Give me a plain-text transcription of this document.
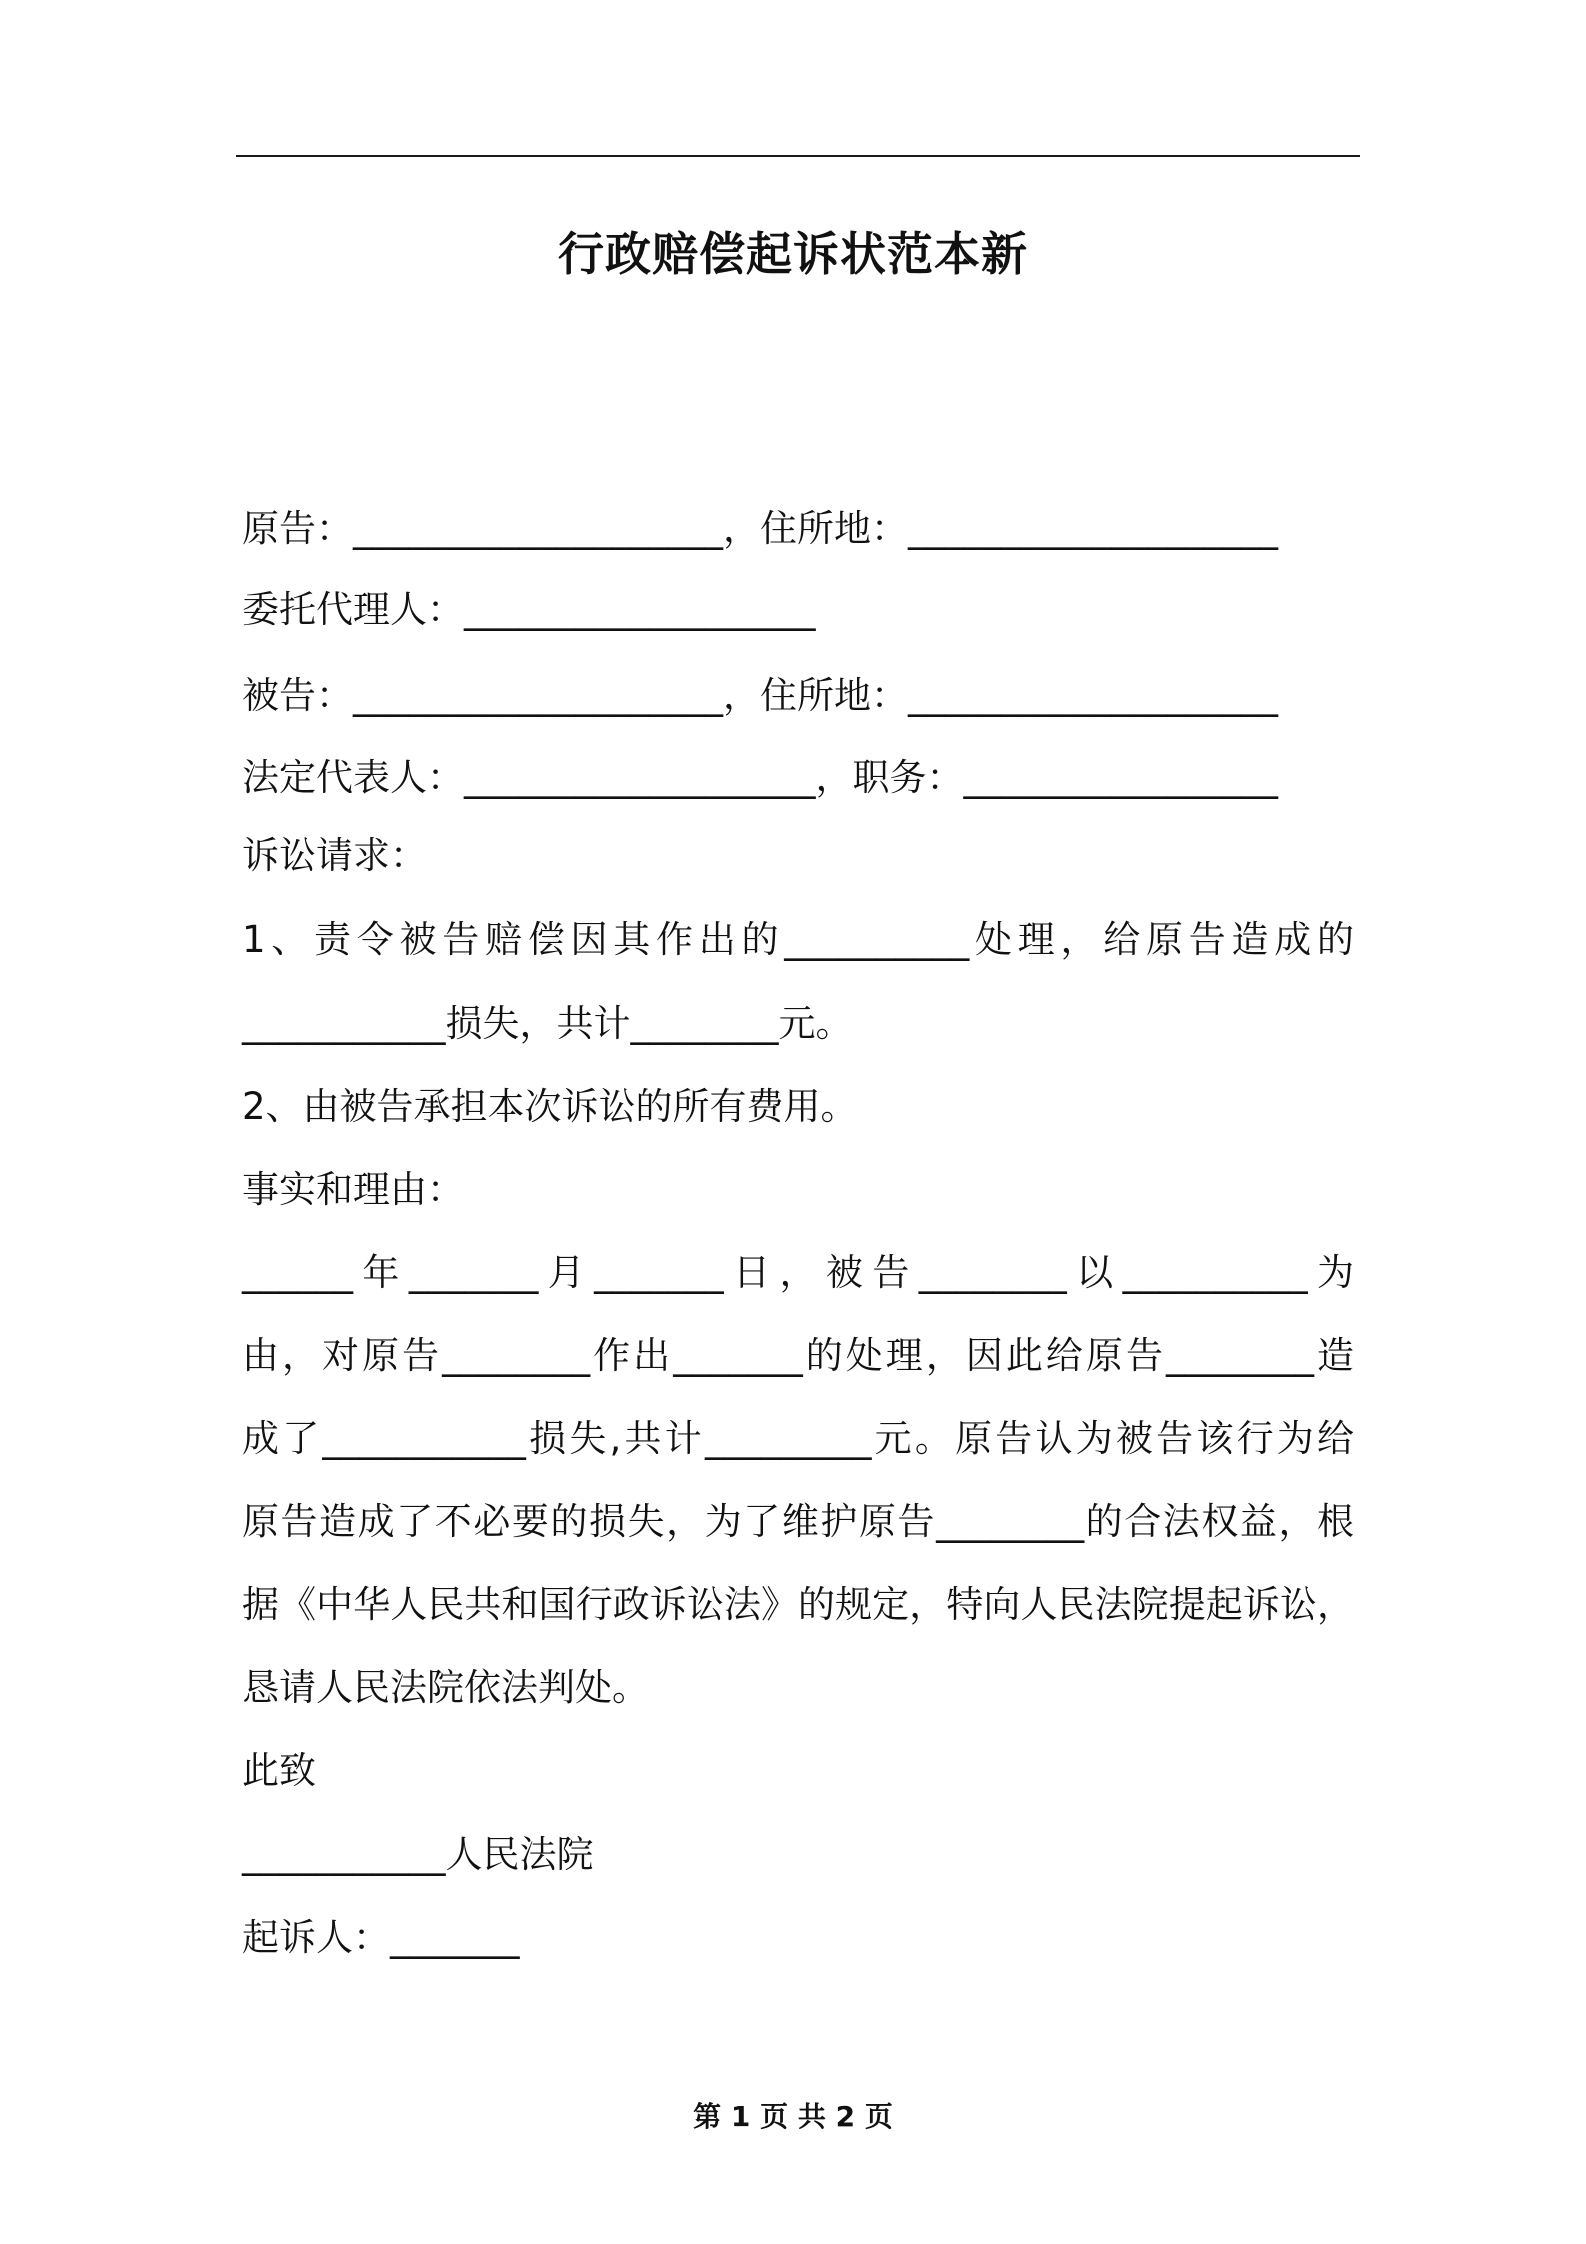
行政赔偿起诉状范本新
原告：____________________，住所地：____________________
委托代理人：___________________
被告：____________________，住所地：____________________
法定代表人：___________________，职务：_________________
诉讼请求：
1、责令被告赔偿因其作出的__________处理，给原告造成的
___________损失，共计________元。
2、由被告承担本次诉讼的所有费用。
事实和理由：
______年_______月_______日，被告________以__________为
由，对原告________作出_______的处理，因此给原告________造
成了___________损失,共计_________元。原告认为被告该行为给
原告造成了不必要的损失，为了维护原告________的合法权益，根
据《中华人民共和国行政诉讼法》的规定，特向人民法院提起诉讼，
恳请人民法院依法判处。
此致
___________人民法院
起诉人：_______
第 1 页 共 2 页
